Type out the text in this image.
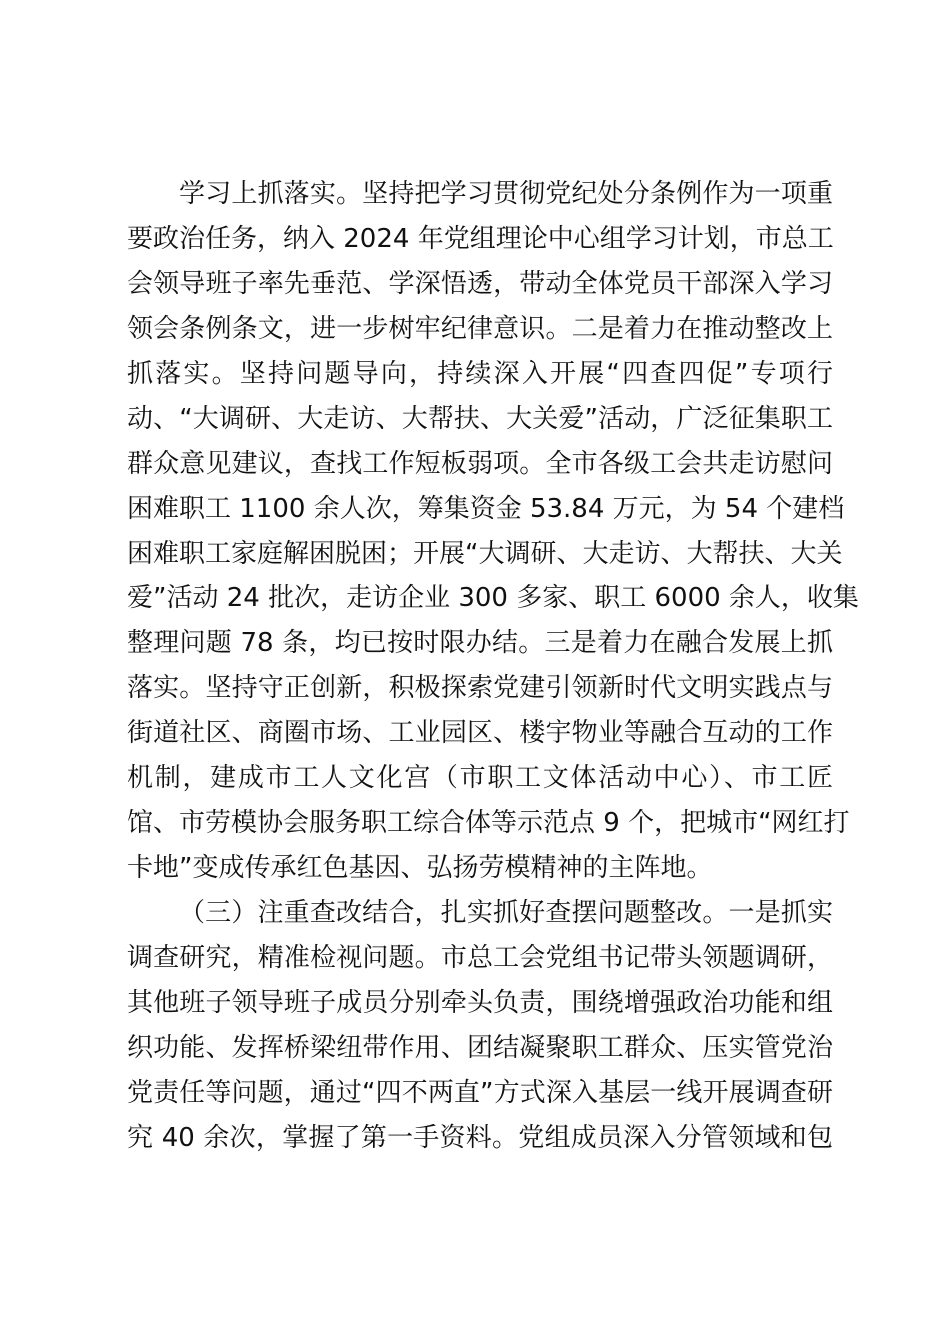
学习上抓落实。坚持把学习贯彻党纪处分条例作为一项重
要政治任务，纳入 2024 年党组理论中心组学习计划，市总工
会领导班子率先垂范、学深悟透，带动全体党员干部深入学习
领会条例条文，进一步树牢纪律意识。二是着力在推动整改上
抓落实。坚持问题导向，持续深入开展“四查四促”专项行
动、“大调研、大走访、大帮扶、大关爱”活动，广泛征集职工
群众意见建议，查找工作短板弱项。全市各级工会共走访慰问
困难职工 1100 余人次，筹集资金 53.84 万元，为 54 个建档
困难职工家庭解困脱困；开展“大调研、大走访、大帮扶、大关
爱”活动 24 批次，走访企业 300 多家、职工 6000 余人，收集
整理问题 78 条，均已按时限办结。三是着力在融合发展上抓
落实。坚持守正创新，积极探索党建引领新时代文明实践点与
街道社区、商圈市场、工业园区、楼宇物业等融合互动的工作
机制，建成市工人文化宫（市职工文体活动中心）、市工匠
馆、市劳模协会服务职工综合体等示范点 9 个，把城市“网红打
卡地”变成传承红色基因、弘扬劳模精神的主阵地。
（三）注重查改结合，扎实抓好查摆问题整改。一是抓实
调查研究，精准检视问题。市总工会党组书记带头领题调研，
其他班子领导班子成员分别牵头负责，围绕增强政治功能和组
织功能、发挥桥梁纽带作用、团结凝聚职工群众、压实管党治
党责任等问题，通过“四不两直”方式深入基层一线开展调查研
究 40 余次，掌握了第一手资料。党组成员深入分管领域和包
